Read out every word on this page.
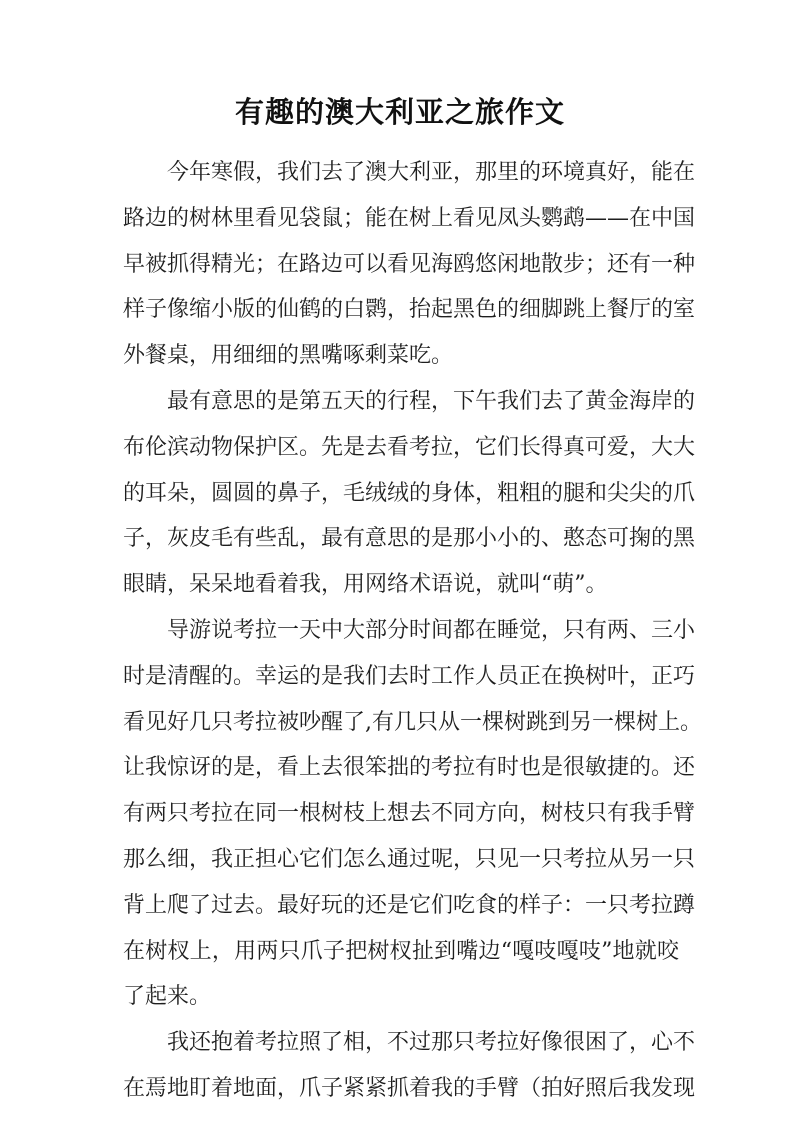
有趣的澳大利亚之旅作文
今年寒假，我们去了澳大利亚，那里的环境真好，能在
路边的树林里看见袋鼠；能在树上看见凤头鹦鹉——在中国
早被抓得精光；在路边可以看见海鸥悠闲地散步；还有一种
样子像缩小版的仙鹤的白鹮，抬起黑色的细脚跳上餐厅的室
外餐桌，用细细的黑嘴啄剩菜吃。
最有意思的是第五天的行程，下午我们去了黄金海岸的
布伦滨动物保护区。先是去看考拉，它们长得真可爱，大大
的耳朵，圆圆的鼻子，毛绒绒的身体，粗粗的腿和尖尖的爪
子，灰皮毛有些乱，最有意思的是那小小的、憨态可掬的黑
眼睛，呆呆地看着我，用网络术语说，就叫“萌”。
导游说考拉一天中大部分时间都在睡觉，只有两、三小
时是清醒的。幸运的是我们去时工作人员正在换树叶，正巧
看见好几只考拉被吵醒了,有几只从一棵树跳到另一棵树上。
让我惊讶的是，看上去很笨拙的考拉有时也是很敏捷的。还
有两只考拉在同一根树枝上想去不同方向，树枝只有我手臂
那么细，我正担心它们怎么通过呢，只见一只考拉从另一只
背上爬了过去。最好玩的还是它们吃食的样子：一只考拉蹲
在树杈上，用两只爪子把树杈扯到嘴边“嘎吱嘎吱”地就咬
了起来。
我还抱着考拉照了相，不过那只考拉好像很困了，心不
在焉地盯着地面，爪子紧紧抓着我的手臂（拍好照后我发现
